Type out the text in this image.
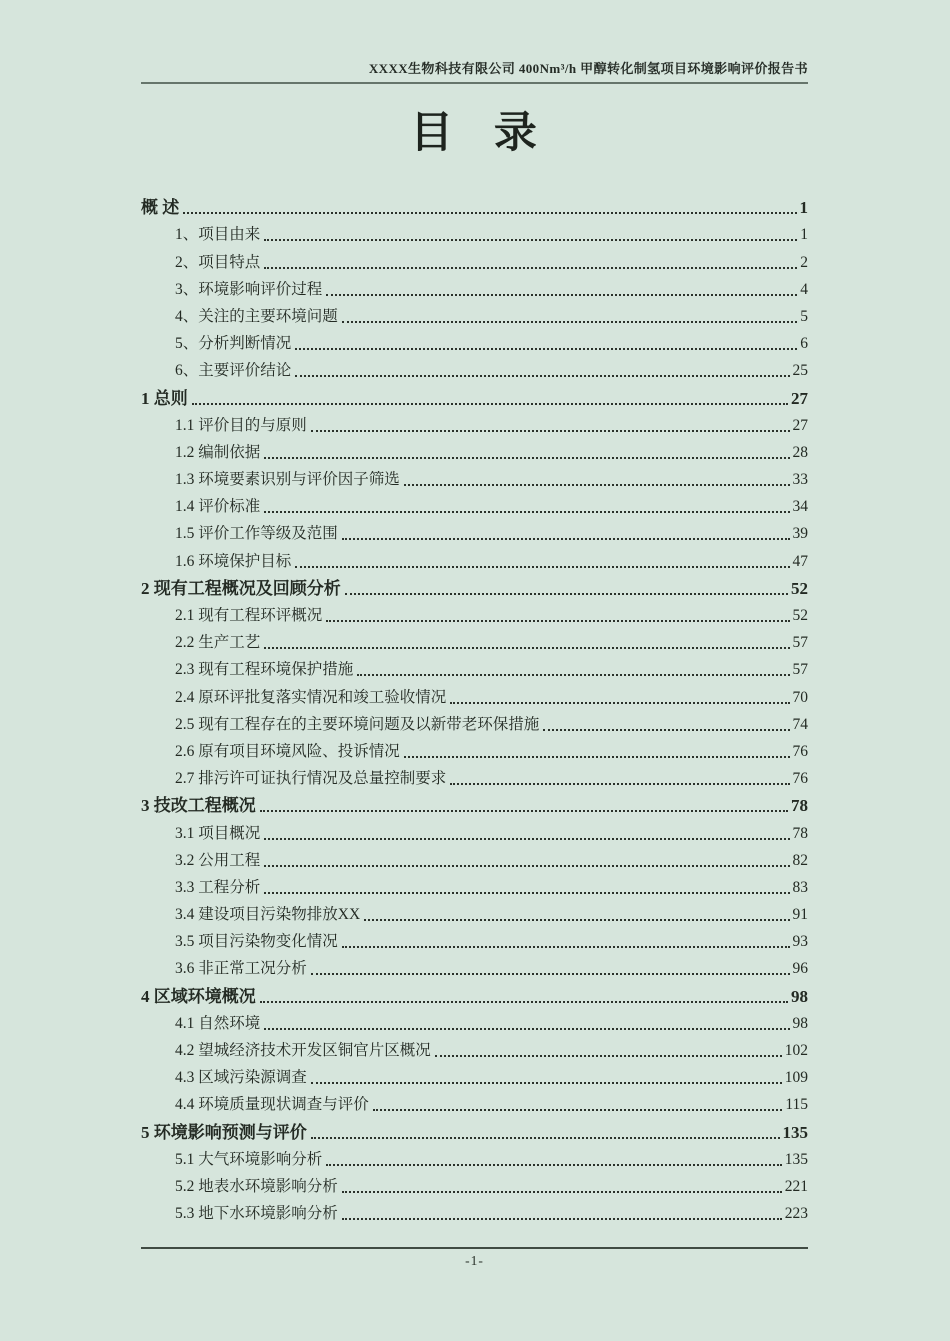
XXXX生物科技有限公司 400Nm³/h 甲醇转化制氢项目环境影响评价报告书
目 录
概 述	1
1、项目由来	1
2、项目特点	2
3、环境影响评价过程	4
4、关注的主要环境问题	5
5、分析判断情况	6
6、主要评价结论	25
1 总则	27
1.1 评价目的与原则	27
1.2 编制依据	28
1.3 环境要素识别与评价因子筛选	33
1.4 评价标准	34
1.5 评价工作等级及范围	39
1.6 环境保护目标	47
2 现有工程概况及回顾分析	52
2.1 现有工程环评概况	52
2.2 生产工艺	57
2.3 现有工程环境保护措施	57
2.4 原环评批复落实情况和竣工验收情况	70
2.5 现有工程存在的主要环境问题及以新带老环保措施	74
2.6 原有项目环境风险、投诉情况	76
2.7 排污许可证执行情况及总量控制要求	76
3 技改工程概况	78
3.1 项目概况	78
3.2 公用工程	82
3.3 工程分析	83
3.4 建设项目污染物排放XX	91
3.5 项目污染物变化情况	93
3.6 非正常工况分析	96
4 区域环境概况	98
4.1 自然环境	98
4.2 望城经济技术开发区铜官片区概况	102
4.3 区域污染源调查	109
4.4 环境质量现状调查与评价	115
5 环境影响预测与评价	135
5.1 大气环境影响分析	135
5.2 地表水环境影响分析	221
5.3 地下水环境影响分析	223
-1-
